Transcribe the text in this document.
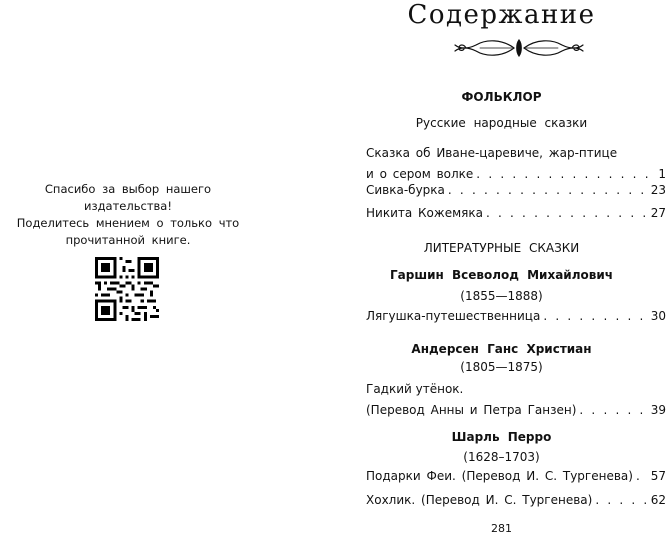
Спасибо за выбор нашего издательства!
Поделитесь мнением о только что
прочитанной книге.
Содержание
ФОЛЬКЛОР
Русские народные сказки
Сказка об Иване-царевиче, жар-птице
и о сером волке . . .	1
Сивка-бурка . . .	23
Никита Кожемяка . . .	27
ЛИТЕРАТУРНЫЕ СКАЗКИ
Гаршин Всеволод Михайлович
(1855—1888)
Лягушка-путешественница . . .	30
Андерсен Ганс Христиан
(1805—1875)
Гадкий утёнок.
(Перевод Анны и Петра Ганзен) . . .	39
Шарль Перро
(1628–1703)
Подарки Феи. (Перевод И. С. Тургенева) . . . 57
Хохлик. (Перевод И. С. Тургенева) . . .	62
281
